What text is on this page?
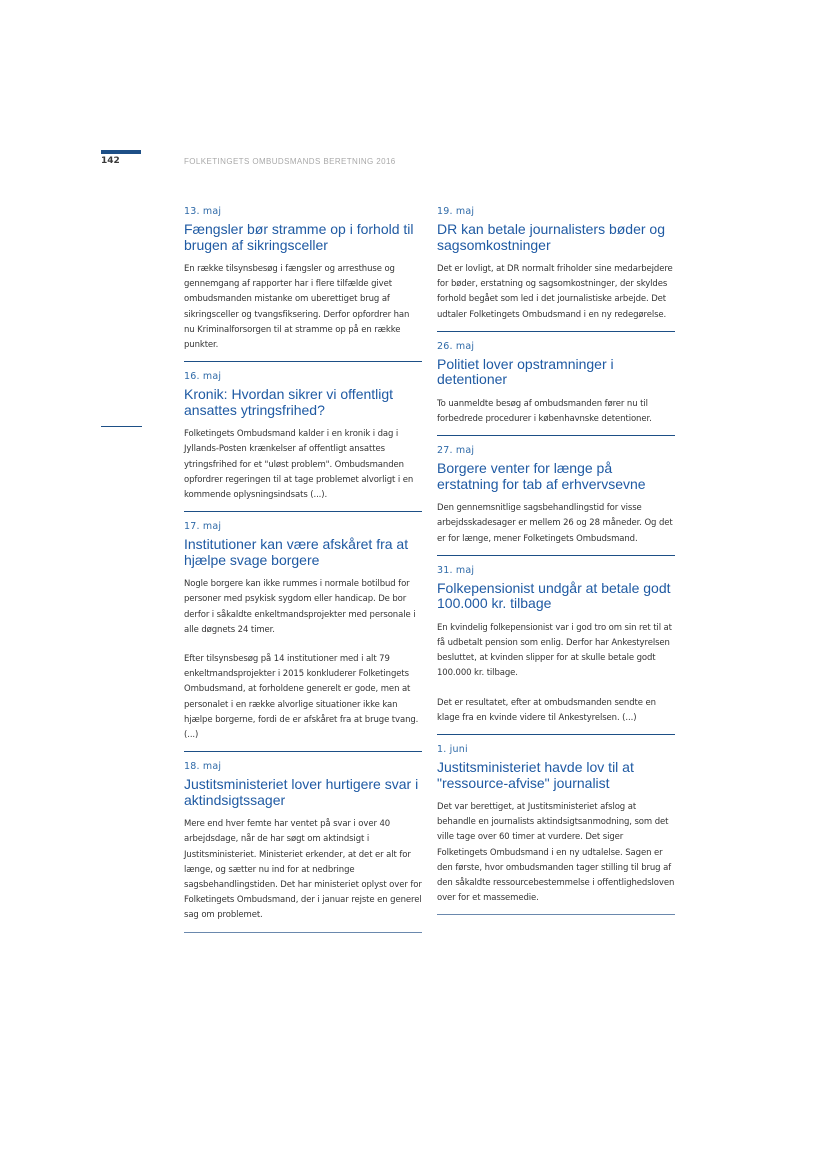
142	FOLKETINGETS OMBUDSMANDS BERETNING 2016
13. maj
Fængsler bør stramme op i forhold til brugen af sikringsceller
En række tilsynsbesøg i fængsler og arresthuse og gennemgang af rapporter har i flere tilfælde givet ombudsmanden mistanke om uberettiget brug af sikringsceller og tvangsfiksering. Derfor opfordrer han nu Kriminalforsorgen til at stramme op på en række punkter.
16. maj
Kronik: Hvordan sikrer vi offentligt ansattes ytringsfrihed?
Folketingets Ombudsmand kalder i en kronik i dag i Jyllands-Posten krænkelser af offentligt ansattes ytringsfrihed for et "uløst problem". Ombudsmanden opfordrer regeringen til at tage problemet alvorligt i en kommende oplysningsindsats (...).
17. maj
Institutioner kan være afskåret fra at hjælpe svage borgere
Nogle borgere kan ikke rummes i normale botilbud for personer med psykisk sygdom eller handicap. De bor derfor i såkaldte enkeltmandsprojekter med personale i alle døgnets 24 timer.
Efter tilsynsbesøg på 14 institutioner med i alt 79 enkeltmandsprojekter i 2015 konkluderer Folketingets Ombudsmand, at forholdene generelt er gode, men at personalet i en række alvorlige situationer ikke kan hjælpe borgerne, fordi de er afskåret fra at bruge tvang. (...)
18. maj
Justitsministeriet lover hurtigere svar i aktindsigtssager
Mere end hver femte har ventet på svar i over 40 arbejdsdage, når de har søgt om aktindsigt i Justitsministeriet. Ministeriet erkender, at det er alt for længe, og sætter nu ind for at nedbringe sagsbehandlingstiden. Det har ministeriet oplyst over for Folketingets Ombudsmand, der i januar rejste en generel sag om problemet.
19. maj
DR kan betale journalisters bøder og sagsomkostninger
Det er lovligt, at DR normalt friholder sine medarbejdere for bøder, erstatning og sagsomkostninger, der skyldes forhold begået som led i det journalistiske arbejde. Det udtaler Folketingets Ombudsmand i en ny redegørelse.
26. maj
Politiet lover opstramninger i detentioner
To uanmeldte besøg af ombudsmanden fører nu til forbedrede procedurer i københavnske detentioner.
27. maj
Borgere venter for længe på erstatning for tab af erhvervsevne
Den gennemsnitlige sagsbehandlingstid for visse arbejdsskadesager er mellem 26 og 28 måneder. Og det er for længe, mener Folketingets Ombudsmand.
31. maj
Folkepensionist undgår at betale godt 100.000 kr. tilbage
En kvindelig folkepensionist var i god tro om sin ret til at få udbetalt pension som enlig. Derfor har Ankestyrelsen besluttet, at kvinden slipper for at skulle betale godt 100.000 kr. tilbage.
Det er resultatet, efter at ombudsmanden sendte en klage fra en kvinde videre til Ankestyrelsen. (...)
1. juni
Justitsministeriet havde lov til at "ressource-afvise" journalist
Det var berettiget, at Justitsministeriet afslog at behandle en journalists aktindsigtsanmodning, som det ville tage over 60 timer at vurdere. Det siger Folketingets Ombudsmand i en ny udtalelse. Sagen er den første, hvor ombudsmanden tager stilling til brug af den såkaldte ressourcebestemmelse i offentlighedsloven over for et massemedie.
